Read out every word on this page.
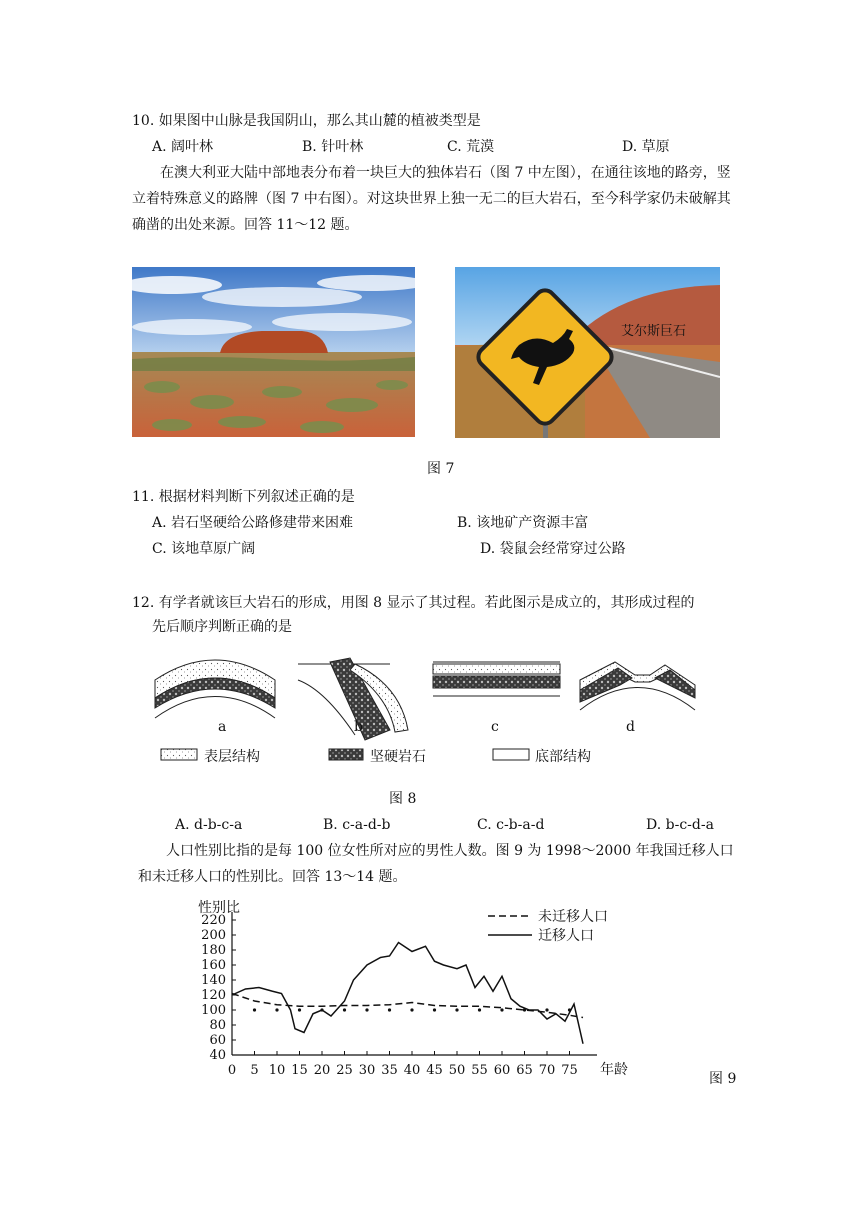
10. 如果图中山脉是我国阴山，那么其山麓的植被类型是
A. 阔叶林	B. 针叶林	C. 荒漠	D. 草原
在澳大利亚大陆中部地表分布着一块巨大的独体岩石（图 7 中左图），在通往该地的路旁，竖立着特殊意义的路牌（图 7 中右图）。对这块世界上独一无二的巨大岩石，至今科学家仍未破解其确凿的出处来源。回答 11～12 题。
艾尔斯巨石
图 7
11. 根据材料判断下列叙述正确的是
A. 岩石坚硬给公路修建带来困难	B. 该地矿产资源丰富
C. 该地草原广阔	D. 袋鼠会经常穿过公路
12. 有学者就该巨大岩石的形成，用图 8 显示了其过程。若此图示是成立的，其形成过程的
先后顺序判断正确的是
a	b	c	d
表层结构	坚硬岩石	底部结构
图 8
A. d-b-c-a	B. c-a-d-b	C. c-b-a-d	D. b-c-d-a
人口性别比指的是每 100 位女性所对应的男性人数。图 9 为 1998～2000 年我国迁移人口和未迁移人口的性别比。回答 13～14 题。
40
60
80
100
120
140
160
180
200
220
0 5 10 15 20 25 30 35 40 45 50 55 60 65 70 75
性别比
年龄
未迁移人口
迁移人口
图 9
